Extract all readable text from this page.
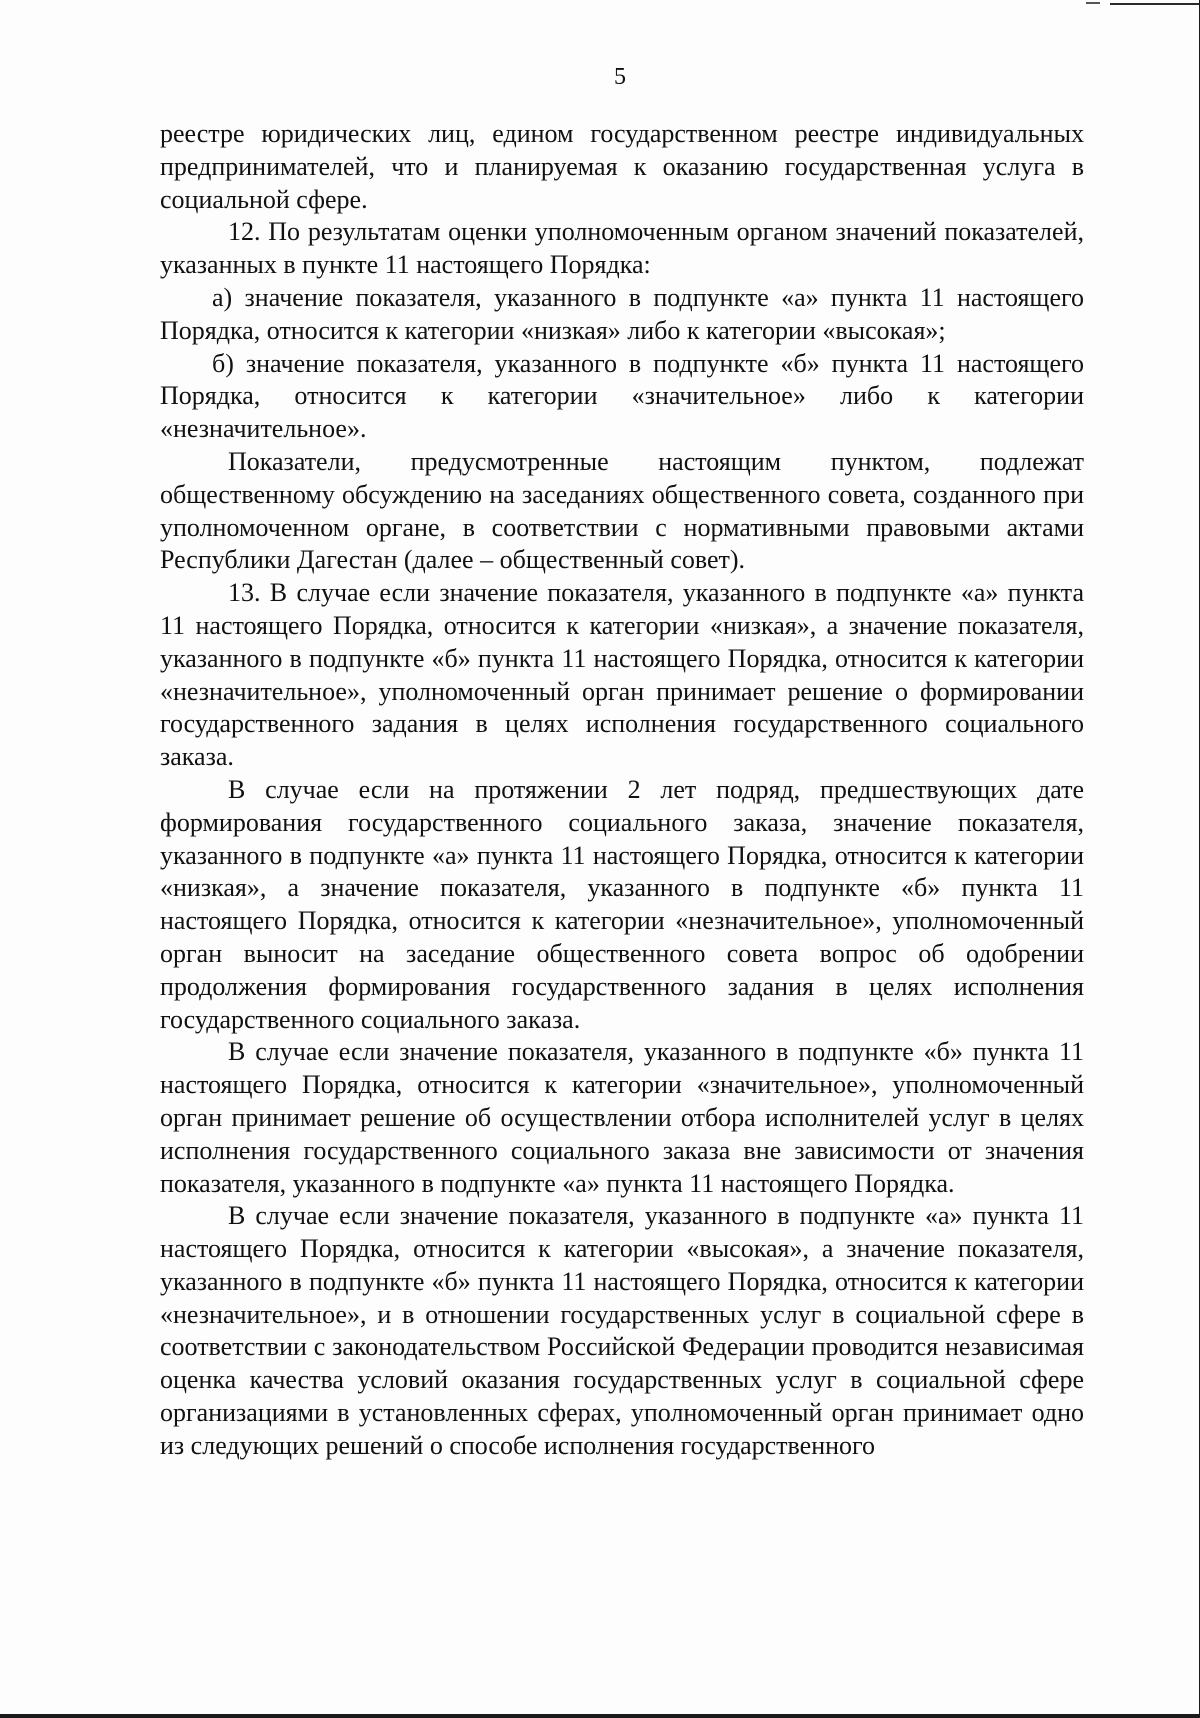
5

реестре юридических лиц, едином государственном реестре индивидуальных предпринимателей, что и планируемая к оказанию государственная услуга в социальной сфере.

12. По результатам оценки уполномоченным органом значений показателей, указанных в пункте 11 настоящего Порядка:

а) значение показателя, указанного в подпункте «а» пункта 11 настоящего Порядка, относится к категории «низкая» либо к категории «высокая»;

б) значение показателя, указанного в подпункте «б» пункта 11 настоящего Порядка, относится к категории «значительное» либо к категории «незначительное».

Показатели, предусмотренные настоящим пунктом, подлежат общественному обсуждению на заседаниях общественного совета, созданного при уполномоченном органе, в соответствии с нормативными правовыми актами Республики Дагестан (далее – общественный совет).

13. В случае если значение показателя, указанного в подпункте «а» пункта 11 настоящего Порядка, относится к категории «низкая», а значение показателя, указанного в подпункте «б» пункта 11 настоящего Порядка, относится к категории «незначительное», уполномоченный орган принимает решение о формировании государственного задания в целях исполнения государственного социального заказа.

В случае если на протяжении 2 лет подряд, предшествующих дате формирования государственного социального заказа, значение показателя, указанного в подпункте «а» пункта 11 настоящего Порядка, относится к категории «низкая», а значение показателя, указанного в подпункте «б» пункта 11 настоящего Порядка, относится к категории «незначительное», уполномоченный орган выносит на заседание общественного совета вопрос об одобрении продолжения формирования государственного задания в целях исполнения государственного социального заказа.

В случае если значение показателя, указанного в подпункте «б» пункта 11 настоящего Порядка, относится к категории «значительное», уполномоченный орган принимает решение об осуществлении отбора исполнителей услуг в целях исполнения государственного социального заказа вне зависимости от значения показателя, указанного в подпункте «а» пункта 11 настоящего Порядка.

В случае если значение показателя, указанного в подпункте «а» пункта 11 настоящего Порядка, относится к категории «высокая», а значение показателя, указанного в подпункте «б» пункта 11 настоящего Порядка, относится к категории «незначительное», и в отношении государственных услуг в социальной сфере в соответствии с законодательством Российской Федерации проводится независимая оценка качества условий оказания государственных услуг в социальной сфере организациями в установленных сферах, уполномоченный орган принимает одно из следующих решений о способе исполнения государственного
